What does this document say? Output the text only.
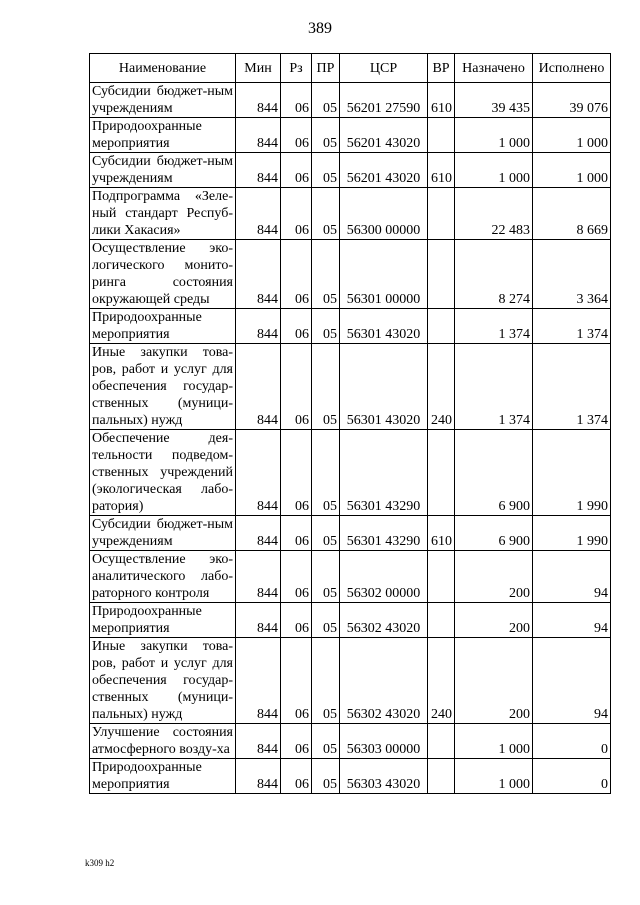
389
Наименование	Мин	Рз	ПР	ЦСР	ВР	Назначено	Исполнено
Субсидии бюджет-ным учреждениям	844	06	05	56201 27590	610	39 435	39 076
Природоохранные мероприятия	844	06	05	56201 43020		1 000	1 000
Субсидии бюджет-ным учреждениям	844	06	05	56201 43020	610	1 000	1 000
Подпрограмма «Зеле-ный стандарт Респуб-лики Хакасия»	844	06	05	56300 00000		22 483	8 669
Осуществление эко-логического монито-ринга состояния окружающей среды	844	06	05	56301 00000		8 274	3 364
Природоохранные мероприятия	844	06	05	56301 43020		1 374	1 374
Иные закупки това-ров, работ и услуг для обеспечения государ-ственных (муници-пальных) нужд	844	06	05	56301 43020	240	1 374	1 374
Обеспечение дея-тельности подведом-ственных учреждений (экологическая лабо-ратория)	844	06	05	56301 43290		6 900	1 990
Субсидии бюджет-ным учреждениям	844	06	05	56301 43290	610	6 900	1 990
Осуществление эко-аналитического лабо-раторного контроля	844	06	05	56302 00000		200	94
Природоохранные мероприятия	844	06	05	56302 43020		200	94
Иные закупки това-ров, работ и услуг для обеспечения государ-ственных (муници-пальных) нужд	844	06	05	56302 43020	240	200	94
Улучшение состояния атмосферного возду-ха	844	06	05	56303 00000		1 000	0
Природоохранные мероприятия	844	06	05	56303 43020		1 000	0
k309 h2
